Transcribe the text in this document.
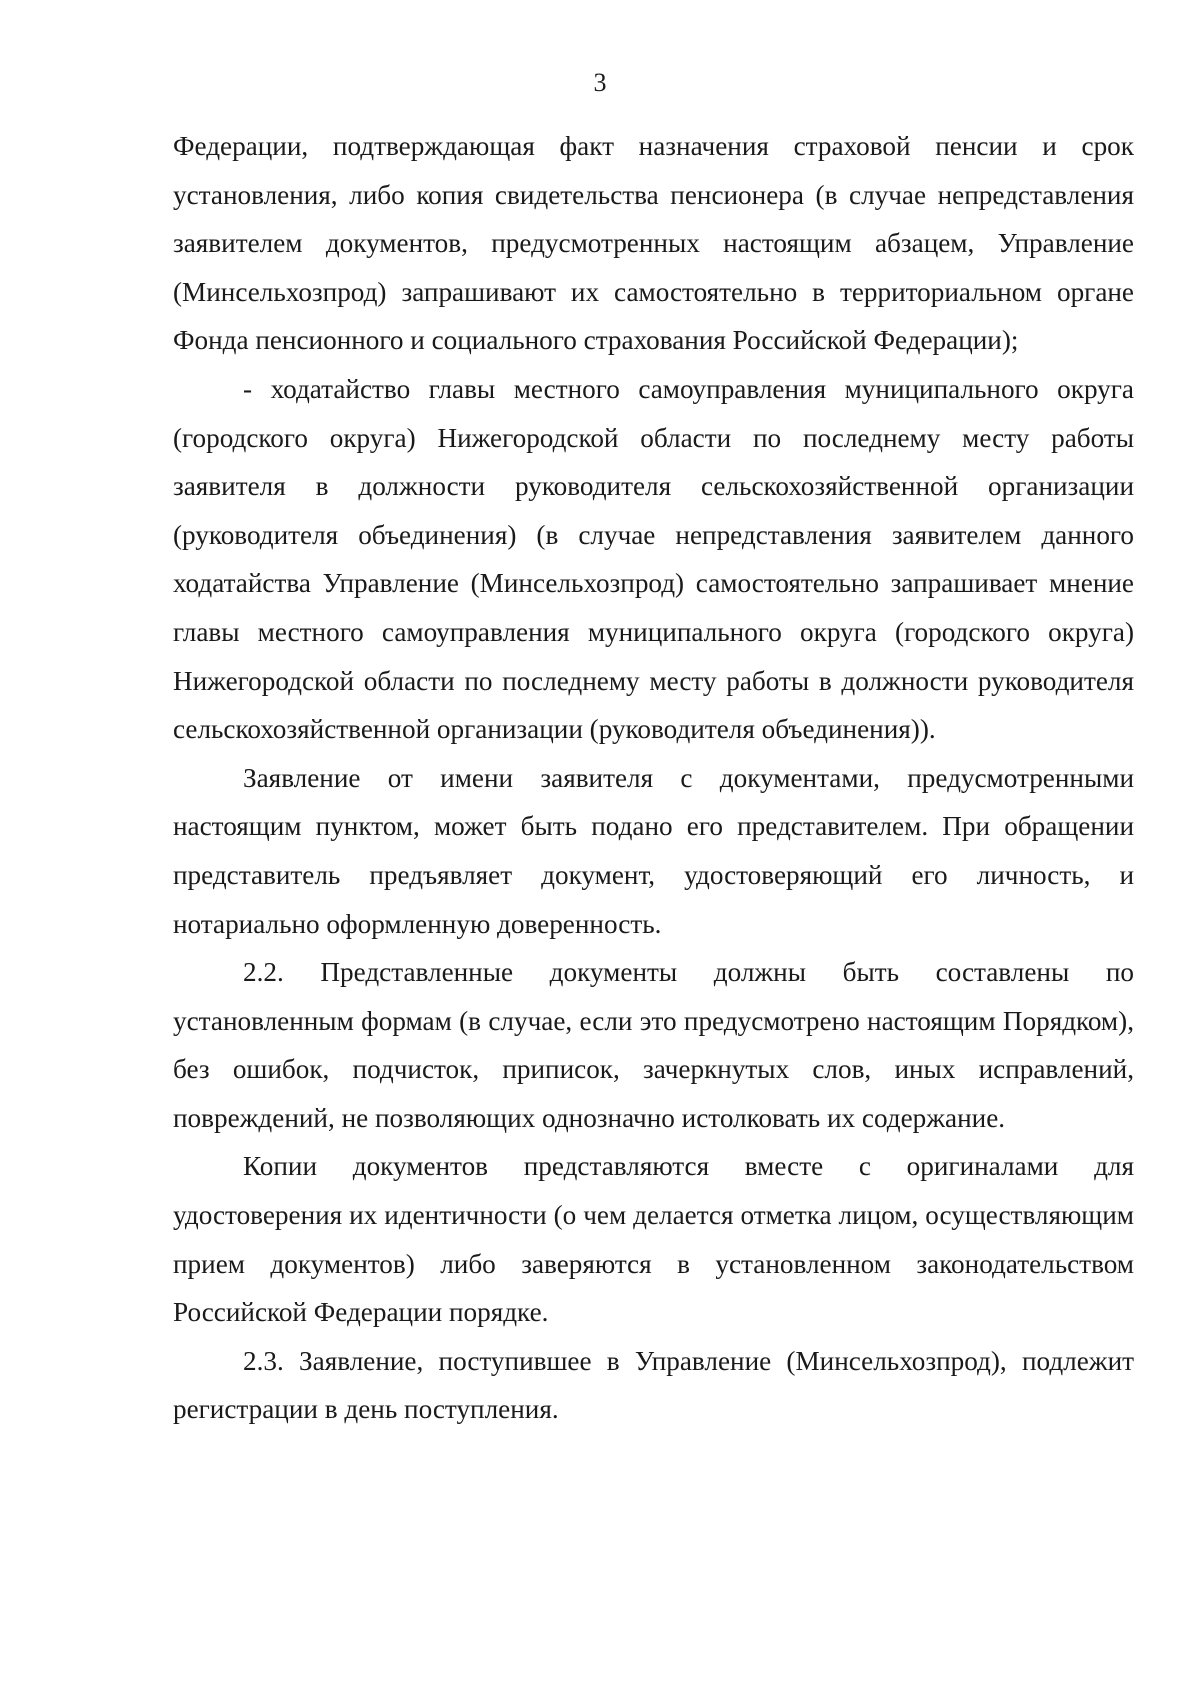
3

Федерации, подтверждающая факт назначения страховой пенсии и срок установления, либо копия свидетельства пенсионера (в случае непредставления заявителем документов, предусмотренных настоящим абзацем, Управление (Минсельхозпрод) запрашивают их самостоятельно в территориальном органе Фонда пенсионного и социального страхования Российской Федерации);

- ходатайство главы местного самоуправления муниципального округа (городского округа) Нижегородской области по последнему месту работы заявителя в должности руководителя сельскохозяйственной организации (руководителя объединения) (в случае непредставления заявителем данного ходатайства Управление (Минсельхозпрод) самостоятельно запрашивает мнение главы местного самоуправления муниципального округа (городского округа) Нижегородской области по последнему месту работы в должности руководителя сельскохозяйственной организации (руководителя объединения)).

Заявление от имени заявителя с документами, предусмотренными настоящим пунктом, может быть подано его представителем. При обращении представитель предъявляет документ, удостоверяющий его личность, и нотариально оформленную доверенность.

2.2. Представленные документы должны быть составлены по установленным формам (в случае, если это предусмотрено настоящим Порядком), без ошибок, подчисток, приписок, зачеркнутых слов, иных исправлений, повреждений, не позволяющих однозначно истолковать их содержание.

Копии документов представляются вместе с оригиналами для удостоверения их идентичности (о чем делается отметка лицом, осуществляющим прием документов) либо заверяются в установленном законодательством Российской Федерации порядке.

2.3. Заявление, поступившее в Управление (Минсельхозпрод), подлежит регистрации в день поступления.
